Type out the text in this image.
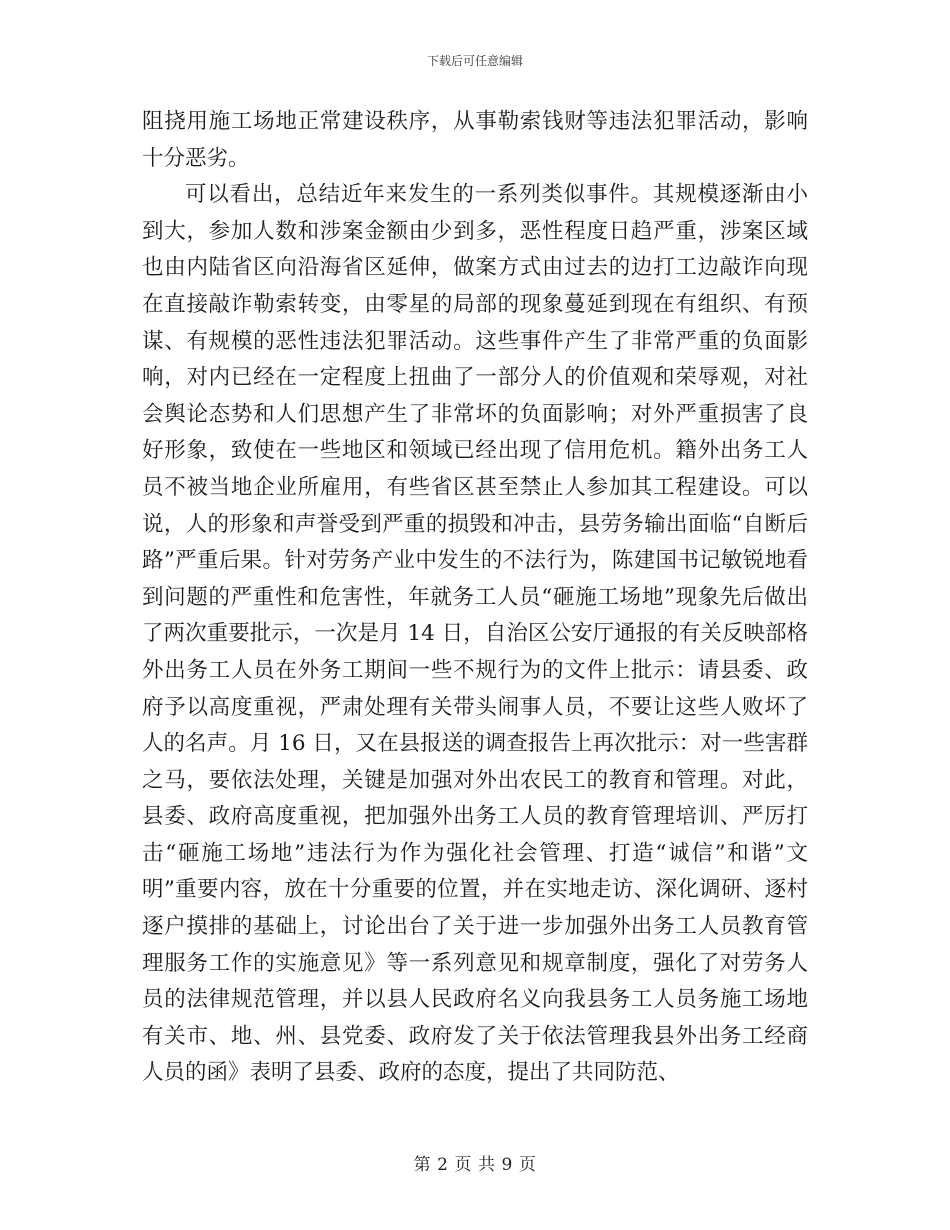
下载后可任意编辑

阻挠用施工场地正常建设秩序，从事勒索钱财等违法犯罪活动，影响十分恶劣。

可以看出，总结近年来发生的一系列类似事件。其规模逐渐由小到大，参加人数和涉案金额由少到多，恶性程度日趋严重，涉案区域也由内陆省区向沿海省区延伸，做案方式由过去的边打工边敲诈向现在直接敲诈勒索转变，由零星的局部的现象蔓延到现在有组织、有预谋、有规模的恶性违法犯罪活动。这些事件产生了非常严重的负面影响，对内已经在一定程度上扭曲了一部分人的价值观和荣辱观，对社会舆论态势和人们思想产生了非常坏的负面影响；对外严重损害了良好形象，致使在一些地区和领域已经出现了信用危机。籍外出务工人员不被当地企业所雇用，有些省区甚至禁止人参加其工程建设。可以说，人的形象和声誉受到严重的损毁和冲击，县劳务输出面临“自断后路”严重后果。针对劳务产业中发生的不法行为，陈建国书记敏锐地看到问题的严重性和危害性，年就务工人员“砸施工场地”现象先后做出了两次重要批示，一次是月 14 日，自治区公安厅通报的有关反映部格外出务工人员在外务工期间一些不规行为的文件上批示：请县委、政府予以高度重视，严肃处理有关带头闹事人员，不要让这些人败坏了人的名声。月 16 日，又在县报送的调查报告上再次批示：对一些害群之马，要依法处理，关键是加强对外出农民工的教育和管理。对此，县委、政府高度重视，把加强外出务工人员的教育管理培训、严厉打击“砸施工场地”违法行为作为强化社会管理、打造“诚信”和谐”文明”重要内容，放在十分重要的位置，并在实地走访、深化调研、逐村逐户摸排的基础上，讨论出台了关于进一步加强外出务工人员教育管理服务工作的实施意见》等一系列意见和规章制度，强化了对劳务人员的法律规范管理，并以县人民政府名义向我县务工人员务施工场地有关市、地、州、县党委、政府发了关于依法管理我县外出务工经商人员的函》表明了县委、政府的态度，提出了共同防范、

第 2 页 共 9 页
